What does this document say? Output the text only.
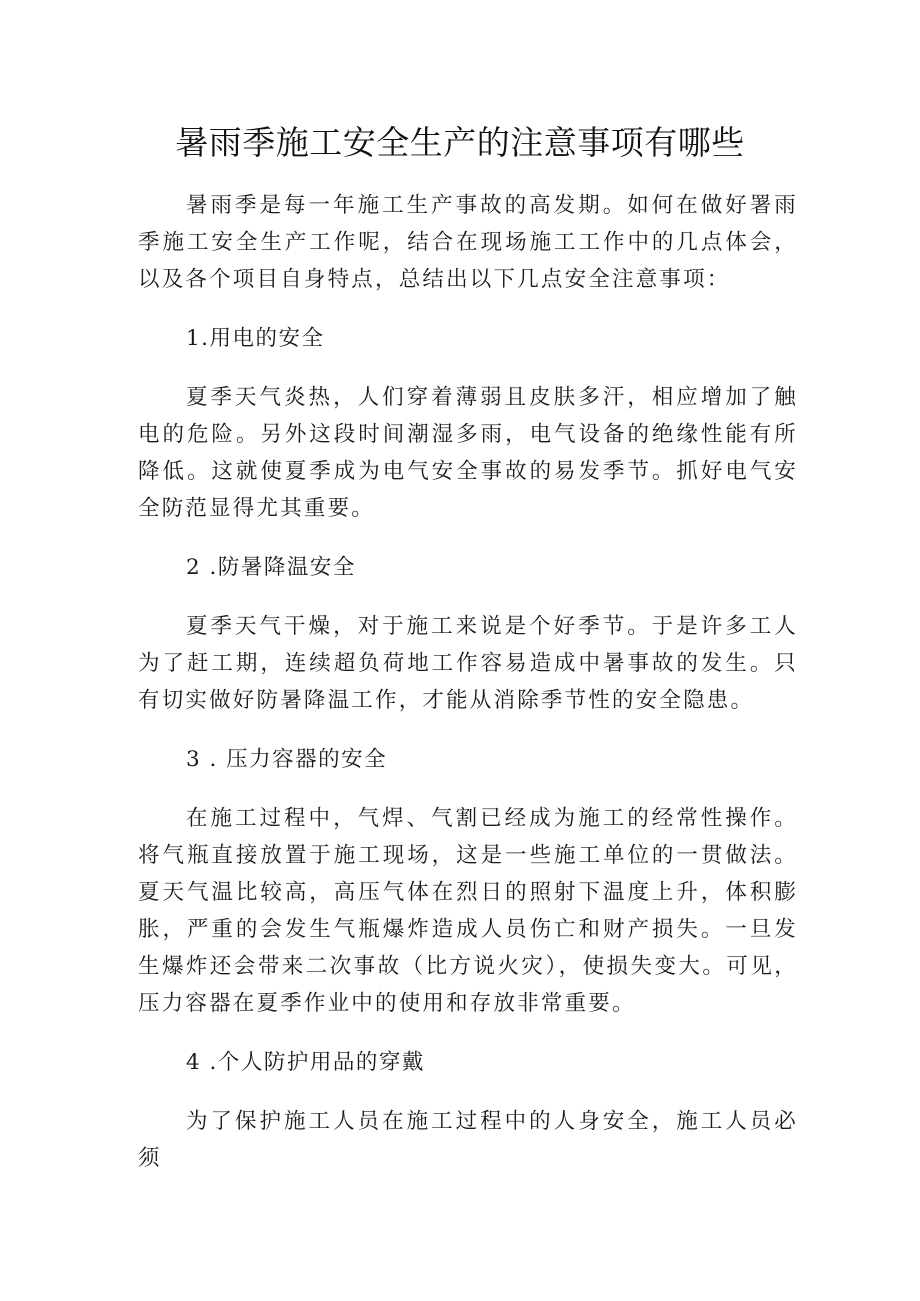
暑雨季施工安全生产的注意事项有哪些

暑雨季是每一年施工生产事故的高发期。如何在做好署雨季施工安全生产工作呢，结合在现场施工工作中的几点体会，以及各个项目自身特点，总结出以下几点安全注意事项：

1.用电的安全

夏季天气炎热，人们穿着薄弱且皮肤多汗，相应增加了触电的危险。另外这段时间潮湿多雨，电气设备的绝缘性能有所降低。这就使夏季成为电气安全事故的易发季节。抓好电气安全防范显得尤其重要。

2 .防暑降温安全

夏季天气干燥，对于施工来说是个好季节。于是许多工人为了赶工期，连续超负荷地工作容易造成中暑事故的发生。只有切实做好防暑降温工作，才能从消除季节性的安全隐患。

3 . 压力容器的安全

在施工过程中，气焊、气割已经成为施工的经常性操作。将气瓶直接放置于施工现场，这是一些施工单位的一贯做法。夏天气温比较高，高压气体在烈日的照射下温度上升，体积膨胀，严重的会发生气瓶爆炸造成人员伤亡和财产损失。一旦发生爆炸还会带来二次事故（比方说火灾），使损失变大。可见，压力容器在夏季作业中的使用和存放非常重要。

4 .个人防护用品的穿戴

为了保护施工人员在施工过程中的人身安全，施工人员必须
